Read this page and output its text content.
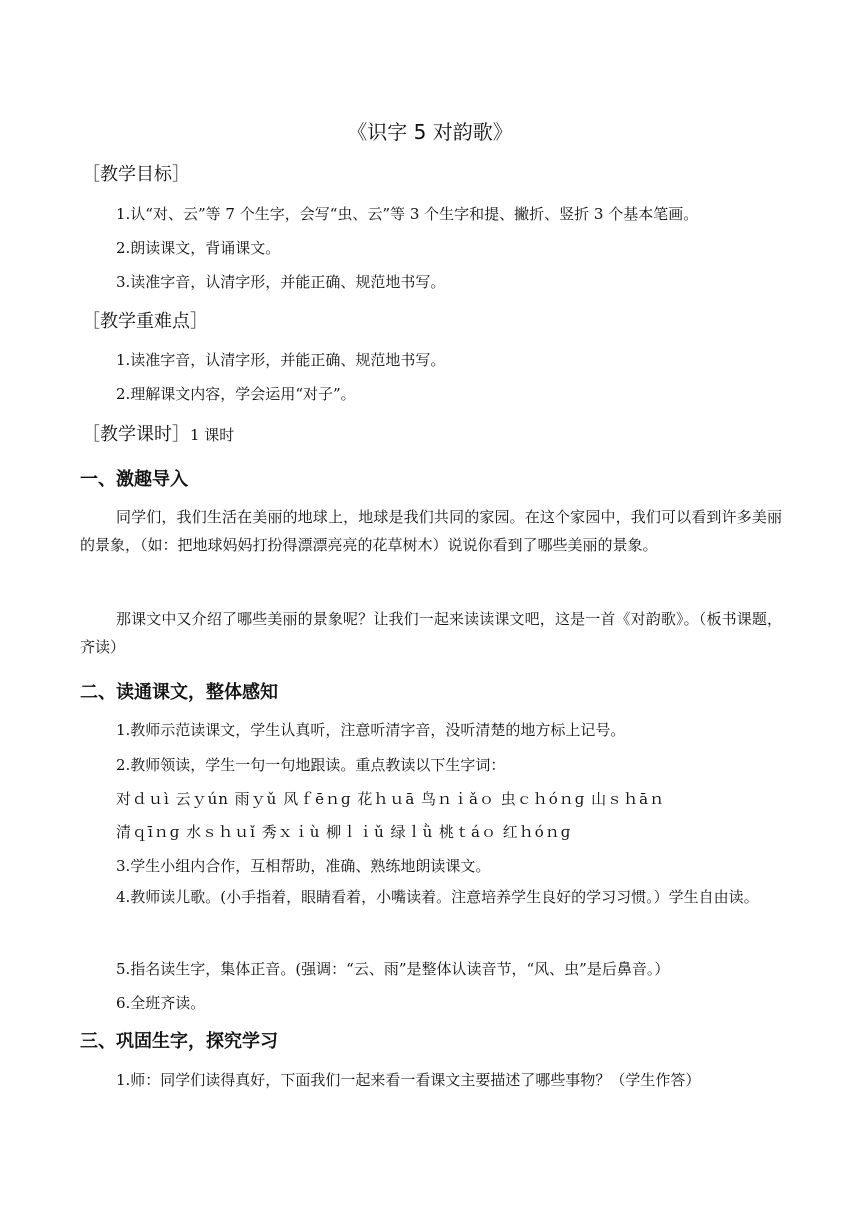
《识字 5 对韵歌》
［教学目标］
1.认“对、云”等 7 个生字，会写“虫、云”等 3 个生字和提、撇折、竖折 3 个基本笔画。
2.朗读课文，背诵课文。
3.读准字音，认清字形，并能正确、规范地书写。
［教学重难点］
1.读准字音，认清字形，并能正确、规范地书写。
2.理解课文内容，学会运用“对子”。
［教学课时］1 课时
一、激趣导入
同学们，我们生活在美丽的地球上，地球是我们共同的家园。在这个家园中，我们可以看到许多美丽的景象，（如：把地球妈妈打扮得漂漂亮亮的花草树木）说说你看到了哪些美丽的景象。
那课文中又介绍了哪些美丽的景象呢？让我们一起来读读课文吧，这是一首《对韵歌》。（板书课题，齐读）
二、读通课文，整体感知
1.教师示范读课文，学生认真听，注意听清字音，没听清楚的地方标上记号。
2.教师领读，学生一句一句地跟读。重点教读以下生字词：
对ｄｕì 云ｙún 雨ｙǔ 风ｆēｎɡ 花ｈｕā 鸟ｎｉǎｏ 虫ｃｈóｎɡ 山ｓｈāｎ
清ｑīｎɡ 水ｓｈｕǐ 秀ｘｉù 柳ｌｉǔ 绿ｌǜ 桃ｔáｏ 红ｈóｎɡ
3.学生小组内合作，互相帮助，准确、熟练地朗读课文。
4.教师读儿歌。(小手指着，眼睛看着，小嘴读着。注意培养学生良好的学习习惯。）学生自由读。
5.指名读生字，集体正音。(强调：“云、雨”是整体认读音节，“风、虫”是后鼻音。）
6.全班齐读。
三、巩固生字，探究学习
1.师：同学们读得真好，下面我们一起来看一看课文主要描述了哪些事物？（学生作答）
